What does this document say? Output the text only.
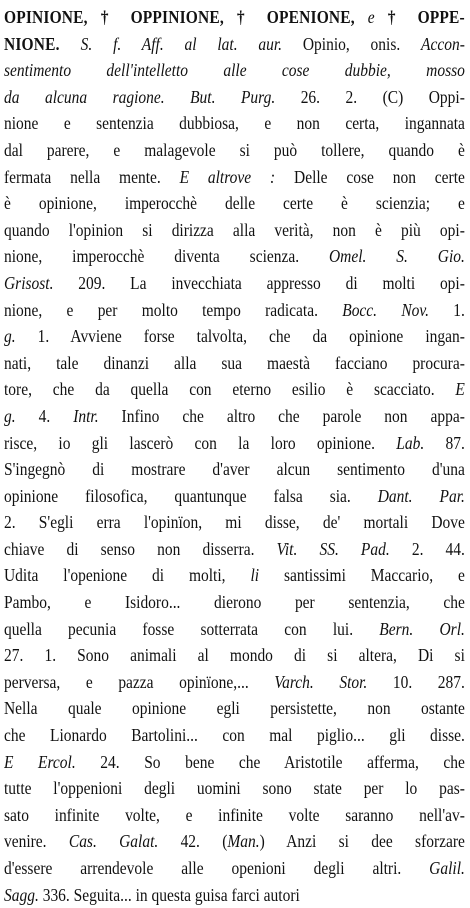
OPINIONE, † OPPINIONE, † OPENIONE, e † OPPE-
NIONE. S. f. Aff. al lat. aur. Opinio, onis. Accon-
sentimento dell'intelletto alle cose dubbie, mosso
da alcuna ragione. But. Purg. 26. 2. (C) Oppi-
nione e sentenzia dubbiosa, e non certa, ingannata
dal parere, e malagevole si può tollere, quando è
fermata nella mente. E altrove : Delle cose non certe
è opinione, imperocchè delle certe è scienzia; e
quando l'opinion si dirizza alla verità, non è più opi-
nione, imperocchè diventa scienza. Omel. S. Gio.
Grisost. 209. La invecchiata appresso di molti opi-
nione, e per molto tempo radicata. Bocc. Nov. 1.
g. 1. Avviene forse talvolta, che da opinione ingan-
nati, tale dinanzi alla sua maestà facciano procura-
tore, che da quella con eterno esilio è scacciato. E
g. 4. Intr. Infino che altro che parole non appa-
risce, io gli lascerò con la loro opinione. Lab. 87.
S'ingegnò di mostrare d'aver alcun sentimento d'una
opinione filosofica, quantunque falsa sia. Dant. Par.
2. S'egli erra l'opinïon, mi disse, de' mortali Dove
chiave di senso non disserra. Vit. SS. Pad. 2. 44.
Udita l'openione di molti, li santissimi Maccario, e
Pambo, e Isidoro... dierono per sentenzia, che
quella pecunia fosse sotterrata con lui. Bern. Orl.
27. 1. Sono animali al mondo di si altera, Di si
perversa, e pazza opinïone,... Varch. Stor. 10. 287.
Nella quale opinione egli persistette, non ostante
che Lionardo Bartolini... con mal piglio... gli disse.
E Ercol. 24. So bene che Aristotile afferma, che
tutte l'oppenioni degli uomini sono state per lo pas-
sato infinite volte, e infinite volte saranno nell'av-
venire. Cas. Galat. 42. (Man.) Anzi si dee sforzare
d'essere arrendevole alle openioni degli altri. Galil.
Sagg. 336. Seguita... in questa guisa farci autori
